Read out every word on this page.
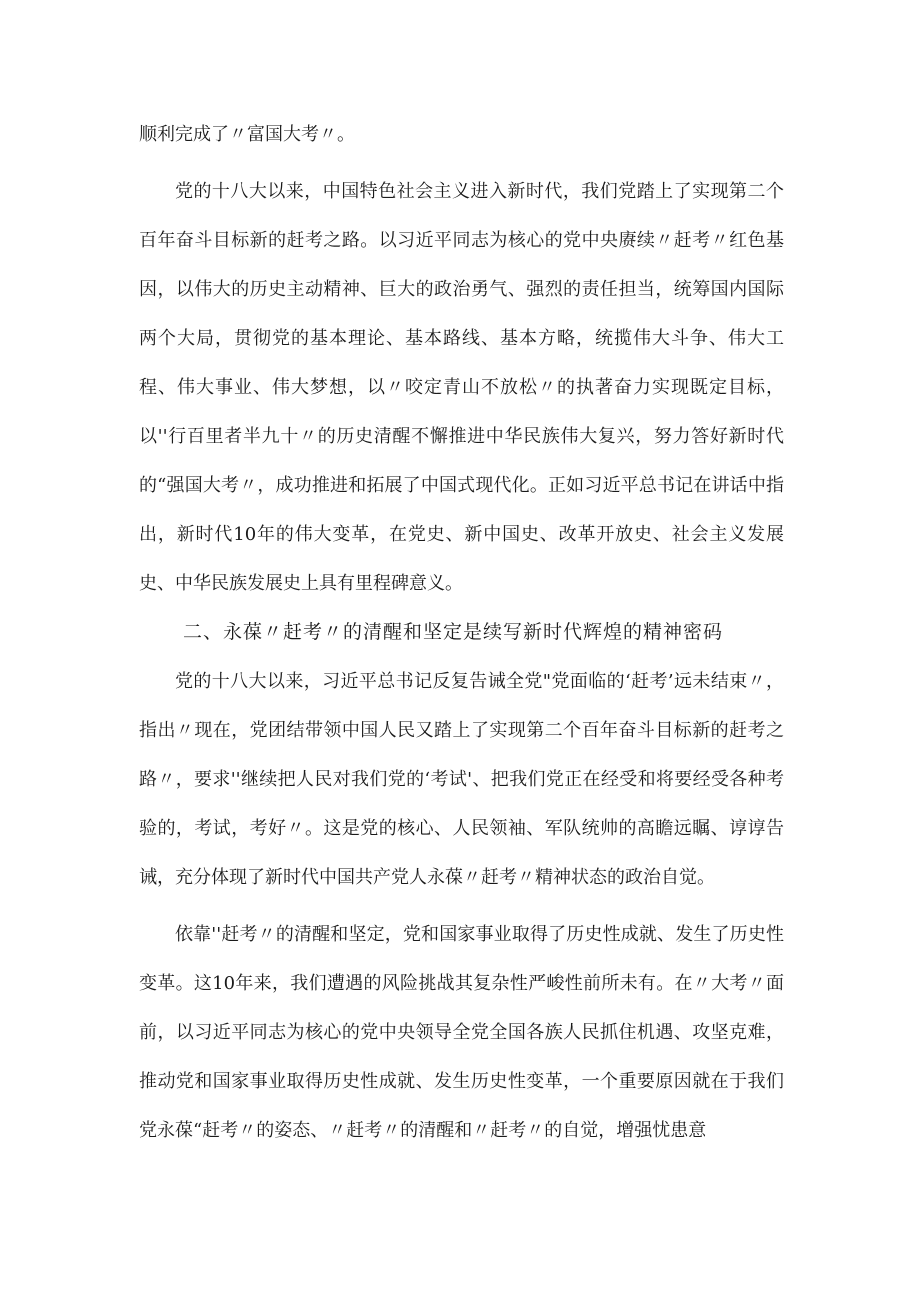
顺利完成了〃富国大考〃。

党的十八大以来，中国特色社会主义进入新时代，我们党踏上了实现第二个百年奋斗目标新的赶考之路。以习近平同志为核心的党中央赓续〃赶考〃红色基因，以伟大的历史主动精神、巨大的政治勇气、强烈的责任担当，统筹国内国际两个大局，贯彻党的基本理论、基本路线、基本方略，统揽伟大斗争、伟大工程、伟大事业、伟大梦想，以〃咬定青山不放松〃的执著奋力实现既定目标，以''行百里者半九十〃的历史清醒不懈推进中华民族伟大复兴，努力答好新时代的“强国大考〃，成功推进和拓展了中国式现代化。正如习近平总书记在讲话中指出，新时代10年的伟大变革，在党史、新中国史、改革开放史、社会主义发展史、中华民族发展史上具有里程碑意义。

二、永葆〃赶考〃的清醒和坚定是续写新时代辉煌的精神密码

党的十八大以来，习近平总书记反复告诫全党"党面临的‘赶考’远未结束〃，指出〃现在，党团结带领中国人民又踏上了实现第二个百年奋斗目标新的赶考之路〃，要求''继续把人民对我们党的‘考试'、把我们党正在经受和将要经受各种考验的，考试，考好〃。这是党的核心、人民领袖、军队统帅的高瞻远瞩、谆谆告诫，充分体现了新时代中国共产党人永葆〃赶考〃精神状态的政治自觉。

依靠''赶考〃的清醒和坚定，党和国家事业取得了历史性成就、发生了历史性变革。这10年来，我们遭遇的风险挑战其复杂性严峻性前所未有。在〃大考〃面前，以习近平同志为核心的党中央领导全党全国各族人民抓住机遇、攻坚克难，推动党和国家事业取得历史性成就、发生历史性变革，一个重要原因就在于我们党永葆“赶考〃的姿态、〃赶考〃的清醒和〃赶考〃的自觉，增强忧患意
